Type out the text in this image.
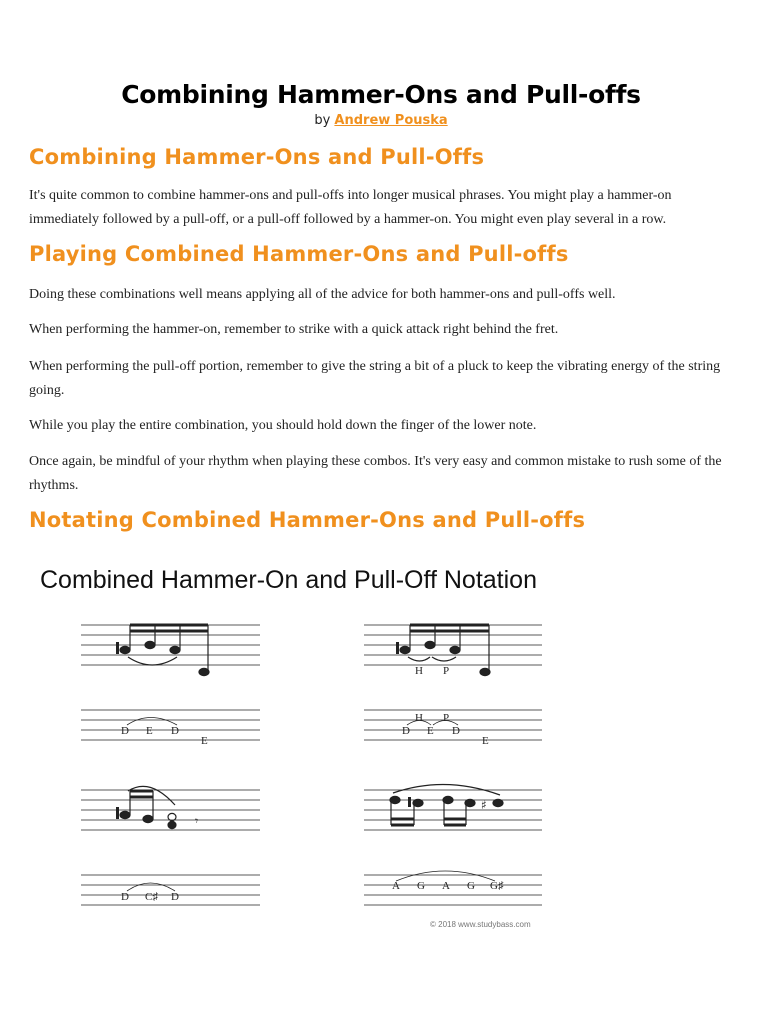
Combining Hammer-Ons and Pull-offs
by Andrew Pouska
Combining Hammer-Ons and Pull-Offs
It's quite common to combine hammer-ons and pull-offs into longer musical phrases. You might play a hammer-on immediately followed by a pull-off, or a pull-off followed by a hammer-on. You might even play several in a row.
Playing Combined Hammer-Ons and Pull-offs
Doing these combinations well means applying all of the advice for both hammer-ons and pull-offs well.
When performing the hammer-on, remember to strike with a quick attack right behind the fret.
When performing the pull-off portion, remember to give the string a bit of a pluck to keep the vibrating energy of the string going.
While you play the entire combination, you should hold down the finger of the lower note.
Once again, be mindful of your rhythm when playing these combos. It's very easy and common mistake to rush some of the rhythms.
Notating Combined Hammer-Ons and Pull-offs
Combined Hammer-On and Pull-Off Notation
D E D
E
H P
H P
D E D
E
𝄾
D C♯ D
♯
A G A G G♯
© 2018 www.studybass.com
